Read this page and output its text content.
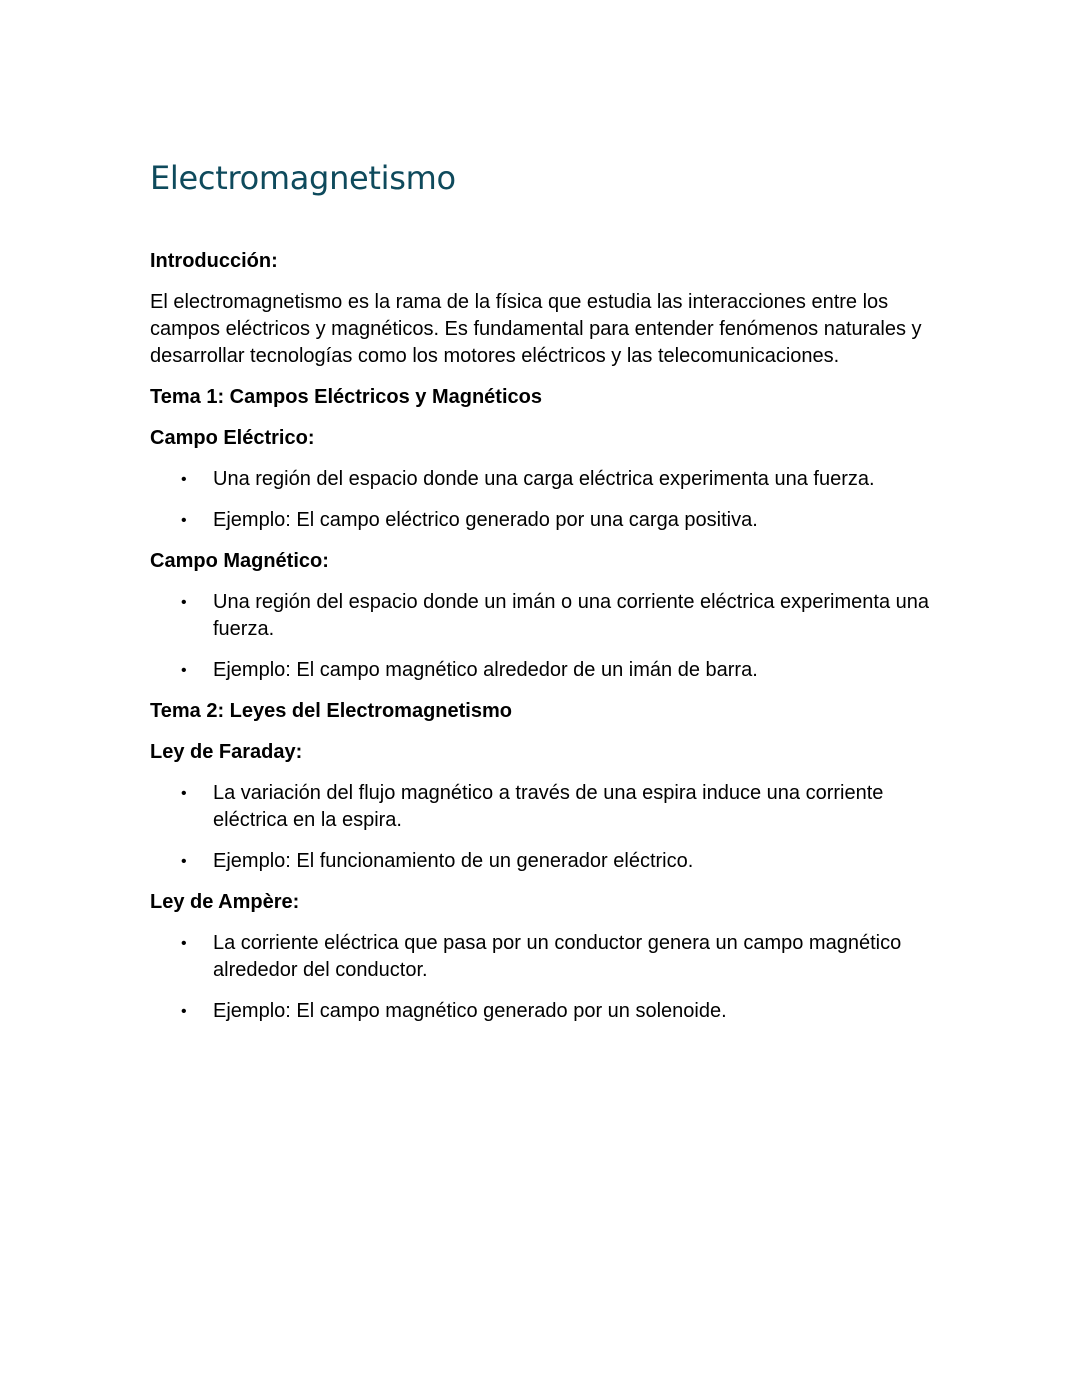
Electromagnetismo

Introducción:

El electromagnetismo es la rama de la física que estudia las interacciones entre los campos eléctricos y magnéticos. Es fundamental para entender fenómenos naturales y desarrollar tecnologías como los motores eléctricos y las telecomunicaciones.

Tema 1: Campos Eléctricos y Magnéticos

Campo Eléctrico:

• Una región del espacio donde una carga eléctrica experimenta una fuerza.
• Ejemplo: El campo eléctrico generado por una carga positiva.

Campo Magnético:

• Una región del espacio donde un imán o una corriente eléctrica experimenta una fuerza.
• Ejemplo: El campo magnético alrededor de un imán de barra.

Tema 2: Leyes del Electromagnetismo

Ley de Faraday:

• La variación del flujo magnético a través de una espira induce una corriente eléctrica en la espira.
• Ejemplo: El funcionamiento de un generador eléctrico.

Ley de Ampère:

• La corriente eléctrica que pasa por un conductor genera un campo magnético alrededor del conductor.
• Ejemplo: El campo magnético generado por un solenoide.
